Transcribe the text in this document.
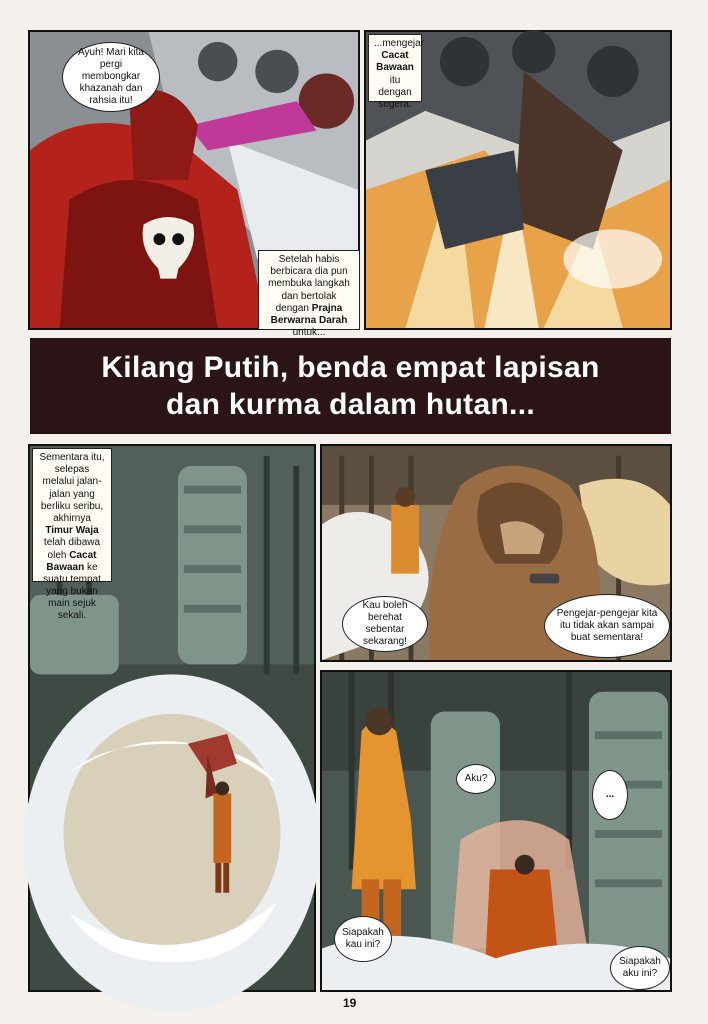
Ayuh! Mari kita pergi membongkar khazanah dan rahsia itu!
Setelah habis berbicara dia pun membuka langkah dan bertolak dengan Prajna Berwarna Darah untuk...
...mengejar
Cacat Bawaan
itu dengan segera.
Kilang Putih, benda empat lapisan
dan kurma dalam hutan...
Sementara itu, selepas melalui jalan-jalan yang berliku seribu, akhirnya Timur Waja telah dibawa oleh Cacat Bawaan ke suatu tempat yang bukan main sejuk sekali.
Kau boleh berehat sebentar sekarang!
Pengejar-pengejar kita itu tidak akan sampai buat sementara!
Aku?
...
Siapakah kau ini?
Siapakah aku ini?
19
